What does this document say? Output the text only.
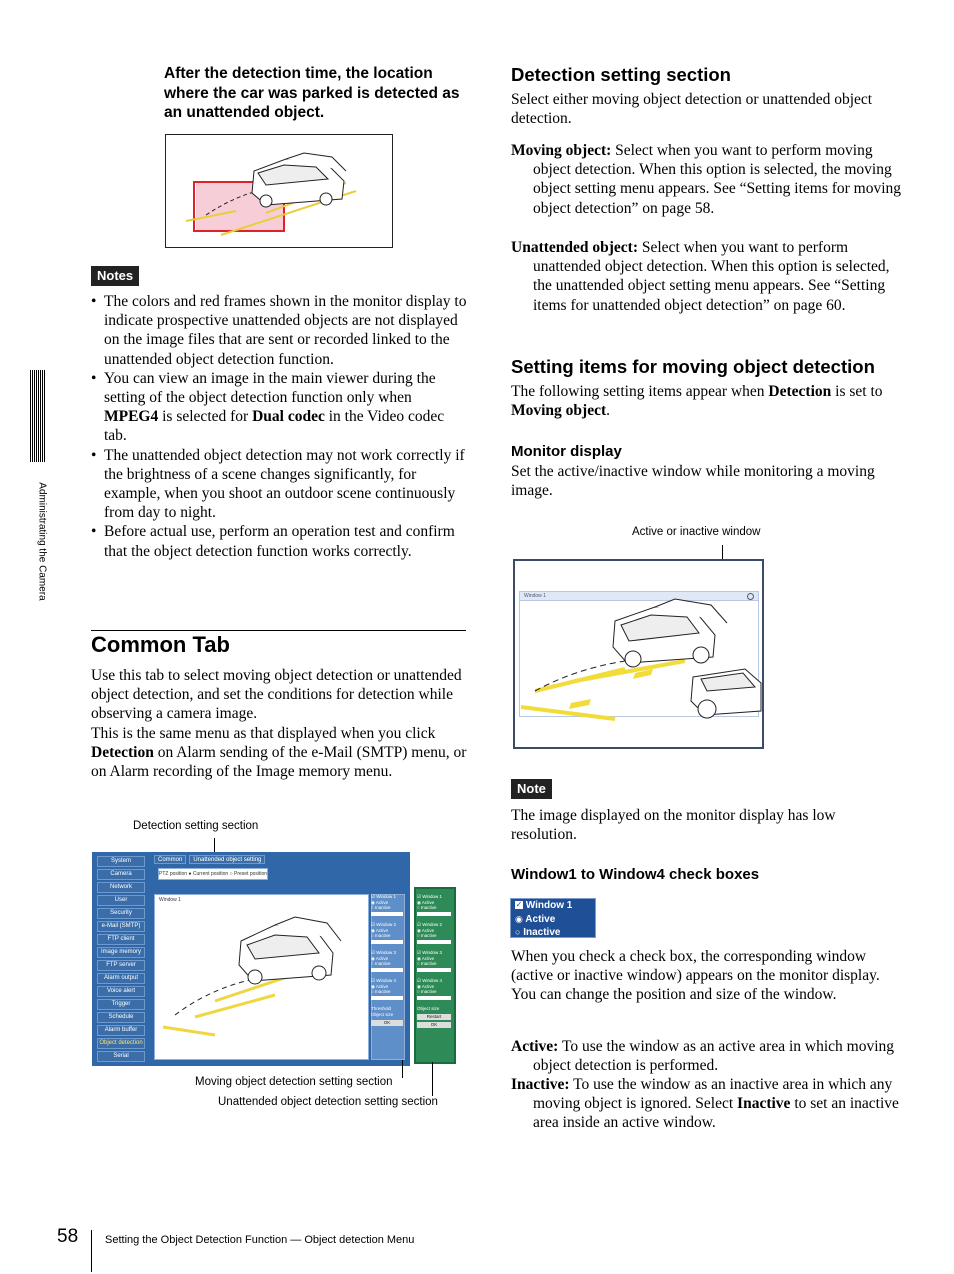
Administrating the Camera
After the detection time, the location where the car was parked is detected as an unattended object.
Notes
• The colors and red frames shown in the monitor display to indicate prospective unattended objects are not displayed on the image files that are sent or recorded linked to the unattended object detection function.
• You can view an image in the main viewer during the setting of the object detection function only when MPEG4 is selected for Dual codec in the Video codec tab.
• The unattended object detection may not work correctly if the brightness of a scene changes significantly, for example, when you shoot an outdoor scene continuously from day to night.
• Before actual use, perform an operation test and confirm that the object detection function works correctly.
Common Tab

Use this tab to select moving object detection or unattended object detection, and set the conditions for detection while observing a camera image.

This is the same menu as that displayed when you click Detection on Alarm sending of the e-Mail (SMTP) menu, or on Alarm recording of the Image memory menu.

Detection setting section
System
Camera
Network
User
Security
e-Mail (SMTP)
FTP client
Image memory
FTP server
Alarm output
Voice alert
Trigger
Schedule
Alarm buffer
Object detection
Serial
Common	Unattended object setting
PTZ position ● Current position ○ Preset position
Window 1
☑ Window 1
◉ Active
○ Inactive
☑ Window 2
◉ Active
○ Inactive
☑ Window 3
◉ Active
○ Inactive
☑ Window 4
◉ Active
○ Inactive
Object size
Restart
OK
☑ Window 1
◉ Active
○ Inactive
☑ Window 2
◉ Active
○ Inactive
☑ Window 3
◉ Active
○ Inactive
☑ Window 4
◉ Active
○ Inactive
Threshold
Object size
OK
Moving object detection setting section
Unattended object detection setting section
Detection setting section

Select either moving object detection or unattended object detection.

Moving object: Select when you want to perform moving object detection. When this option is selected, the moving object setting menu appears. See “Setting items for moving object detection” on page 58.

Unattended object: Select when you want to perform unattended object detection. When this option is selected, the unattended object setting menu appears. See “Setting items for unattended object detection” on page 60.

Setting items for moving object detection

The following setting items appear when Detection is set to Moving object.

Monitor display

Set the active/inactive window while monitoring a moving image.

Active or inactive window
Window 1
Note

The image displayed on the monitor display has low resolution.

Window1 to Window4 check boxes
✓ Window 1
◉ Active
○ Inactive

When you check a check box, the corresponding window (active or inactive window) appears on the monitor display. You can change the position and size of the window.

Active: To use the window as an active area in which moving object detection is performed.

Inactive: To use the window as an inactive area in which any moving object is ignored. Select Inactive to set an inactive area inside an active window.

58 Setting the Object Detection Function — Object detection Menu
